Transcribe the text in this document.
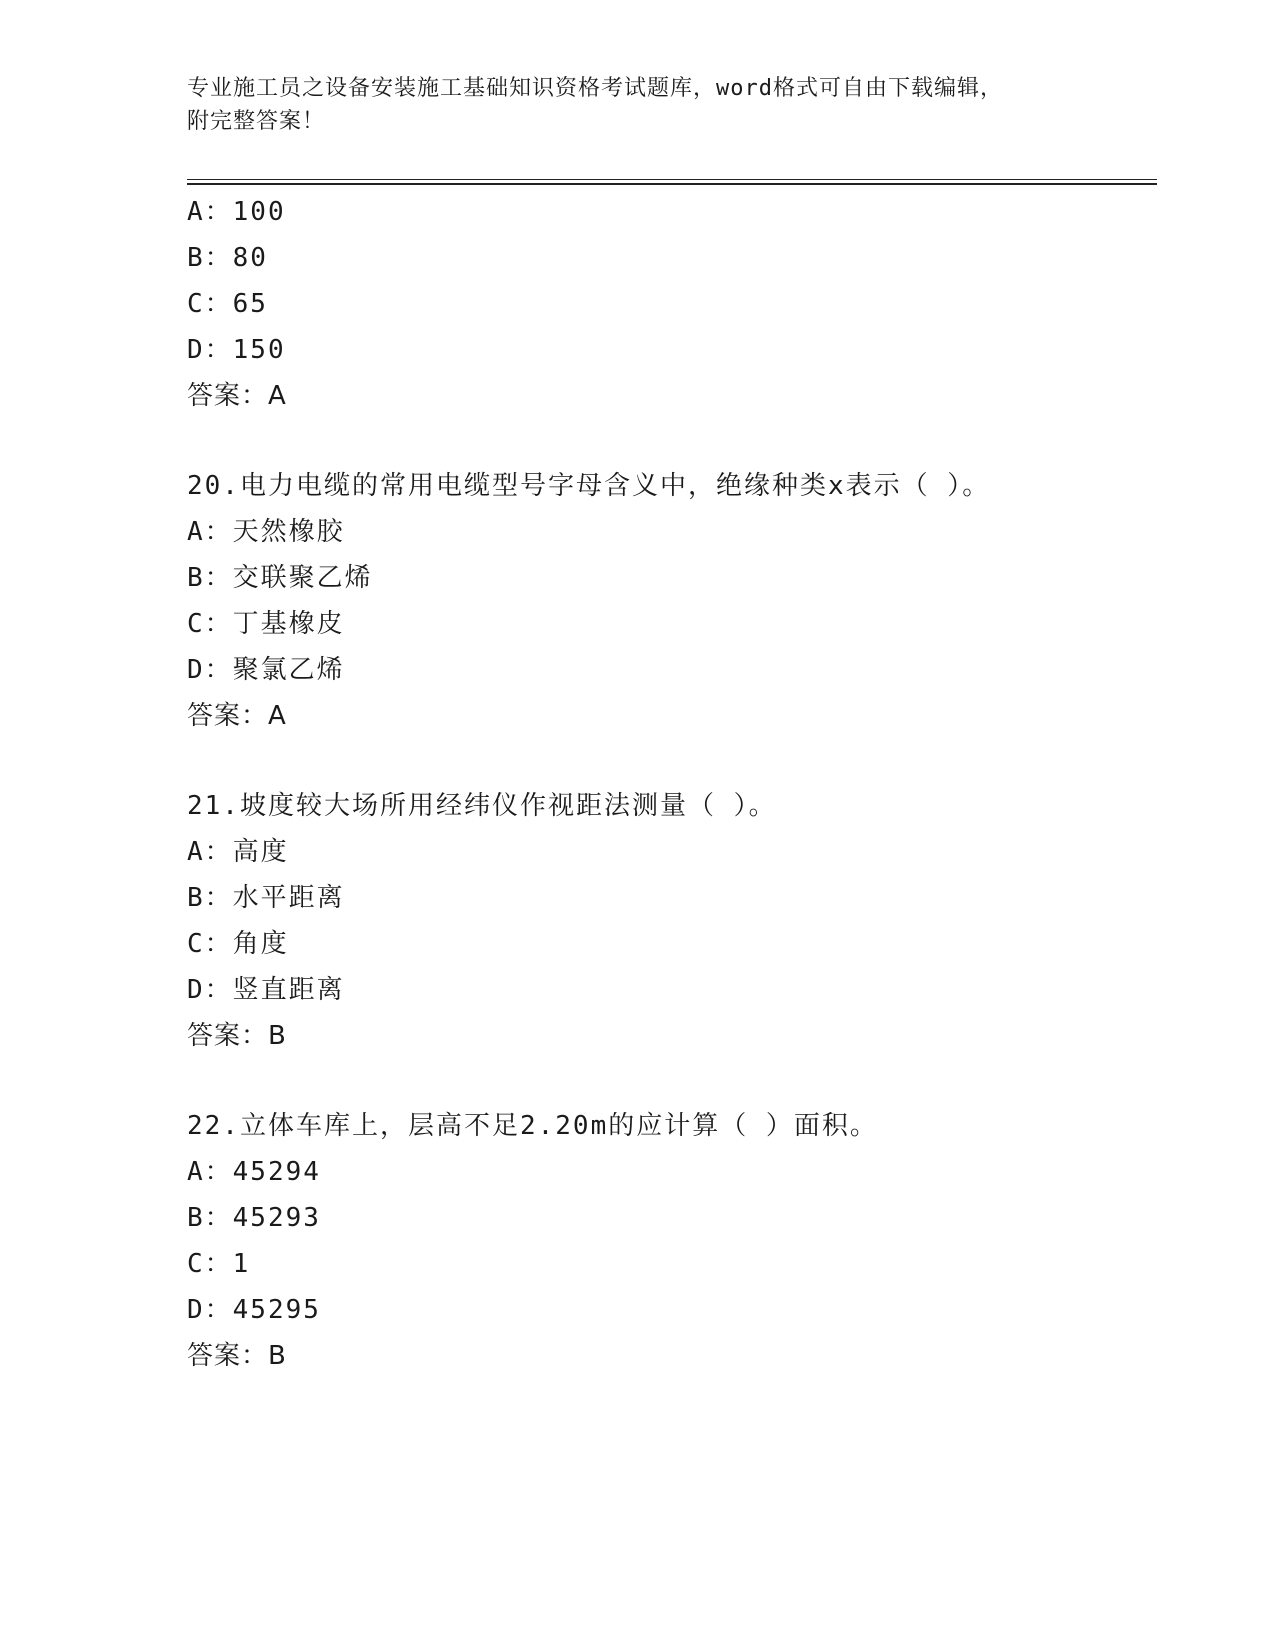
专业施工员之设备安装施工基础知识资格考试题库，word格式可自由下载编辑，
附完整答案！
A：100
B：80
C：65
D：150
答案：A
20.电力电缆的常用电缆型号字母含义中，绝缘种类x表示（ ）。
A：天然橡胶
B：交联聚乙烯
C：丁基橡皮
D：聚氯乙烯
答案：A
21.坡度较大场所用经纬仪作视距法测量（ ）。
A：高度
B：水平距离
C：角度
D：竖直距离
答案：B
22.立体车库上，层高不足2.20m的应计算（ ）面积。
A：45294
B：45293
C：1
D：45295
答案：B
